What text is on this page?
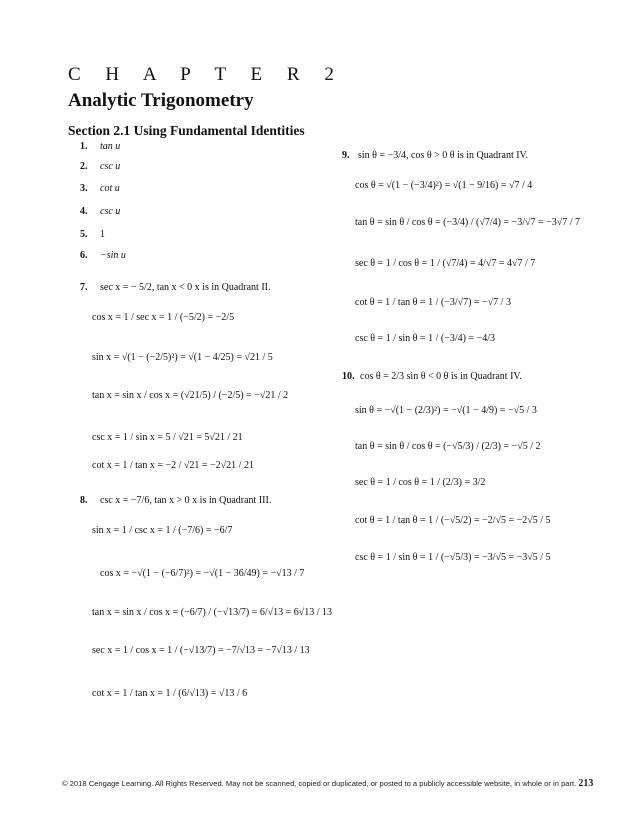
C H A P T E R 2
Analytic Trigonometry
Section 2.1 Using Fundamental Identities
1. tan u
2. csc u
3. cot u
4. csc u
5. 1
6. −sin u
7. sec x = − 5/2, tan x < 0 x is in Quadrant II.
cos x = 1 / sec x = 1 / (−5/2) = −2/5
sin x = √(1 − (−2/5)²) = √(1 − 4/25) = √21 / 5
tan x = sin x / cos x = (√21/5) / (−2/5) = −√21 / 2
csc x = 1 / sin x = 5 / √21 = 5√21 / 21
cot x = 1 / tan x = −2 / √21 = −2√21 / 21
8. csc x = −7/6, tan x > 0 x is in Quadrant III.
sin x = 1 / csc x = 1 / (−7/6) = −6/7
cos x = −√(1 − (−6/7)²) = −√(1 − 36/49) = −√13 / 7
tan x = sin x / cos x = (−6/7) / (−√13/7) = 6/√13 = 6√13 / 13
sec x = 1 / cos x = 1 / (−√13/7) = −7/√13 = −7√13 / 13
cot x = 1 / tan x = 1 / (6/√13) = √13 / 6
9. sin θ = −3/4, cos θ > 0 θ is in Quadrant IV.
cos θ = √(1 − (−3/4)²) = √(1 − 9/16) = √7 / 4
tan θ = sin θ / cos θ = (−3/4) / (√7/4) = −3/√7 = −3√7 / 7
sec θ = 1 / cos θ = 1 / (√7/4) = 4/√7 = 4√7 / 7
cot θ = 1 / tan θ = 1 / (−3/√7) = −√7 / 3
csc θ = 1 / sin θ = 1 / (−3/4) = −4/3
10. cos θ = 2/3 sin θ < 0 θ is in Quadrant IV.
sin θ = −√(1 − (2/3)²) = −√(1 − 4/9) = −√5 / 3
tan θ = sin θ / cos θ = (−√5/3) / (2/3) = −√5 / 2
sec θ = 1 / cos θ = 1 / (2/3) = 3/2
cot θ = 1 / tan θ = 1 / (−√5/2) = −2/√5 = −2√5 / 5
csc θ = 1 / sin θ = 1 / (−√5/3) = −3/√5 = −3√5 / 5
© 2018 Cengage Learning. All Rights Reserved. May not be scanned, copied or duplicated, or posted to a publicly accessible website, in whole or in part. 213
